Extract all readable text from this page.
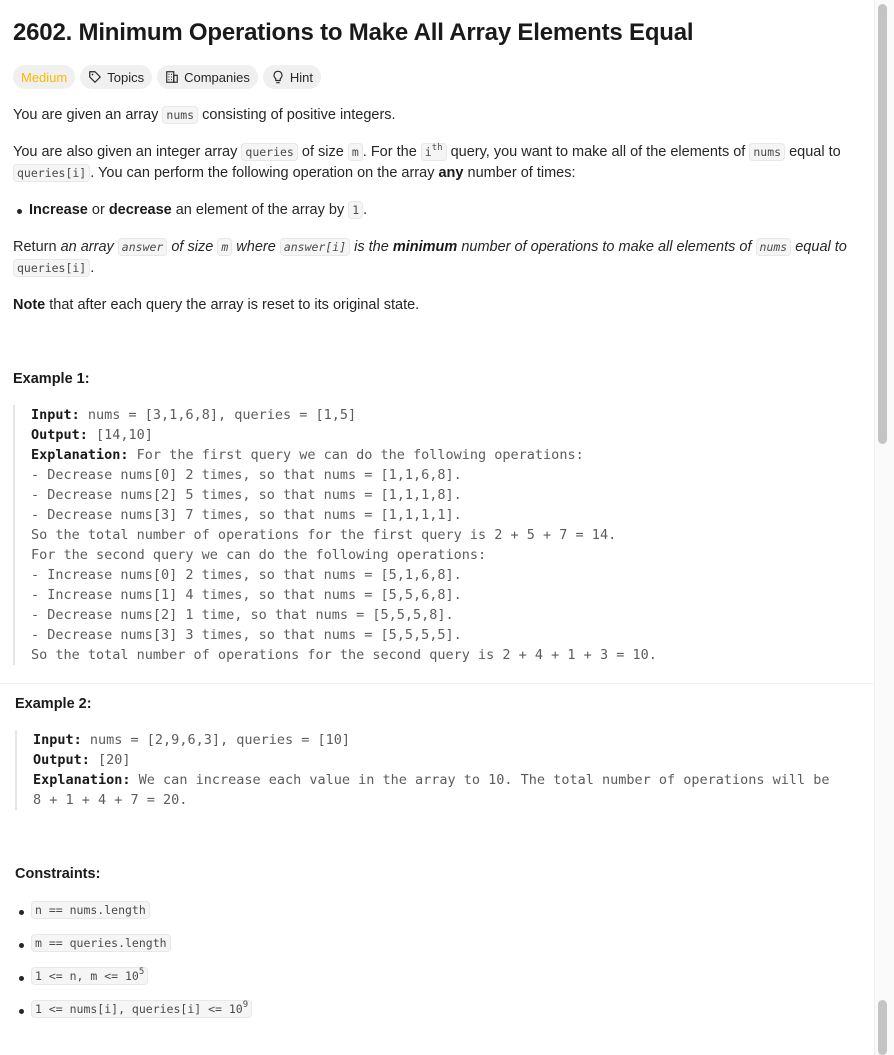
2602. Minimum Operations to Make All Array Elements Equal
Medium	Topics	Companies	Hint
You are given an array nums consisting of positive integers.
You are also given an integer array queries of size m . For the $i^{th}$ query, you want to make all of the elements of nums equal to queries[i] . You can perform the following operation on the array any number of times:
Increase or decrease an element of the array by 1 .
Return an array answer of size m where answer[i] is the minimum number of operations to make all elements of nums equal to queries[i] .
Note that after each query the array is reset to its original state.
Example 1:
Input: nums = [3,1,6,8], queries = [1,5]
Output: [14,10]
Explanation: For the first query we can do the following operations:
- Decrease nums[0] 2 times, so that nums = [1,1,6,8].
- Decrease nums[2] 5 times, so that nums = [1,1,1,8].
- Decrease nums[3] 7 times, so that nums = [1,1,1,1].
So the total number of operations for the first query is 2 + 5 + 7 = 14.
For the second query we can do the following operations:
- Increase nums[0] 2 times, so that nums = [5,1,6,8].
- Increase nums[1] 4 times, so that nums = [5,5,6,8].
- Decrease nums[2] 1 time, so that nums = [5,5,5,8].
- Decrease nums[3] 3 times, so that nums = [5,5,5,5].
So the total number of operations for the second query is 2 + 4 + 1 + 3 = 10.
Example 2:
Input: nums = [2,9,6,3], queries = [10]
Output: [20]
Explanation: We can increase each value in the array to 10. The total number of operations will be
8 + 1 + 4 + 7 = 20.
Constraints:
n == nums.length
m == queries.length
1 <= n, $m <= 10^5$
1 <= nums[i], queries[i] <= $10^9$
